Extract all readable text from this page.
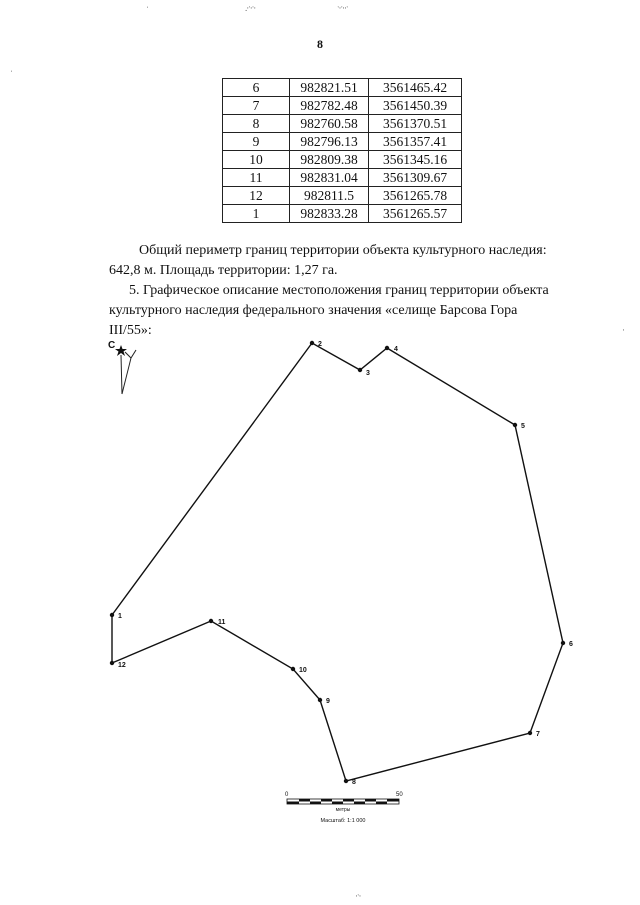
ˈ	.·ˑ·ˑ·	ˑ·ˑ··ˑ
8
6	982821.51	3561465.42
7	982782.48	3561450.39
8	982760.58	3561370.51
9	982796.13	3561357.41
10	982809.38	3561345.16
11	982831.04	3561309.67
12	982811.5	3561265.78
1	982833.28	3561265.57
Общий периметр границ территории объекта культурного наследия:
642,8 м. Площадь территории: 1,27 га.
5. Графическое описание местоположения границ территории объекта
культурного наследия федерального значения «селище Барсова Гора
III/55»:
С
1
2
3
4
5
6
7
8
9
10
11
12
0	50
метры
Масштаб: 1:1 000
·
ˈ
·ˑ·
